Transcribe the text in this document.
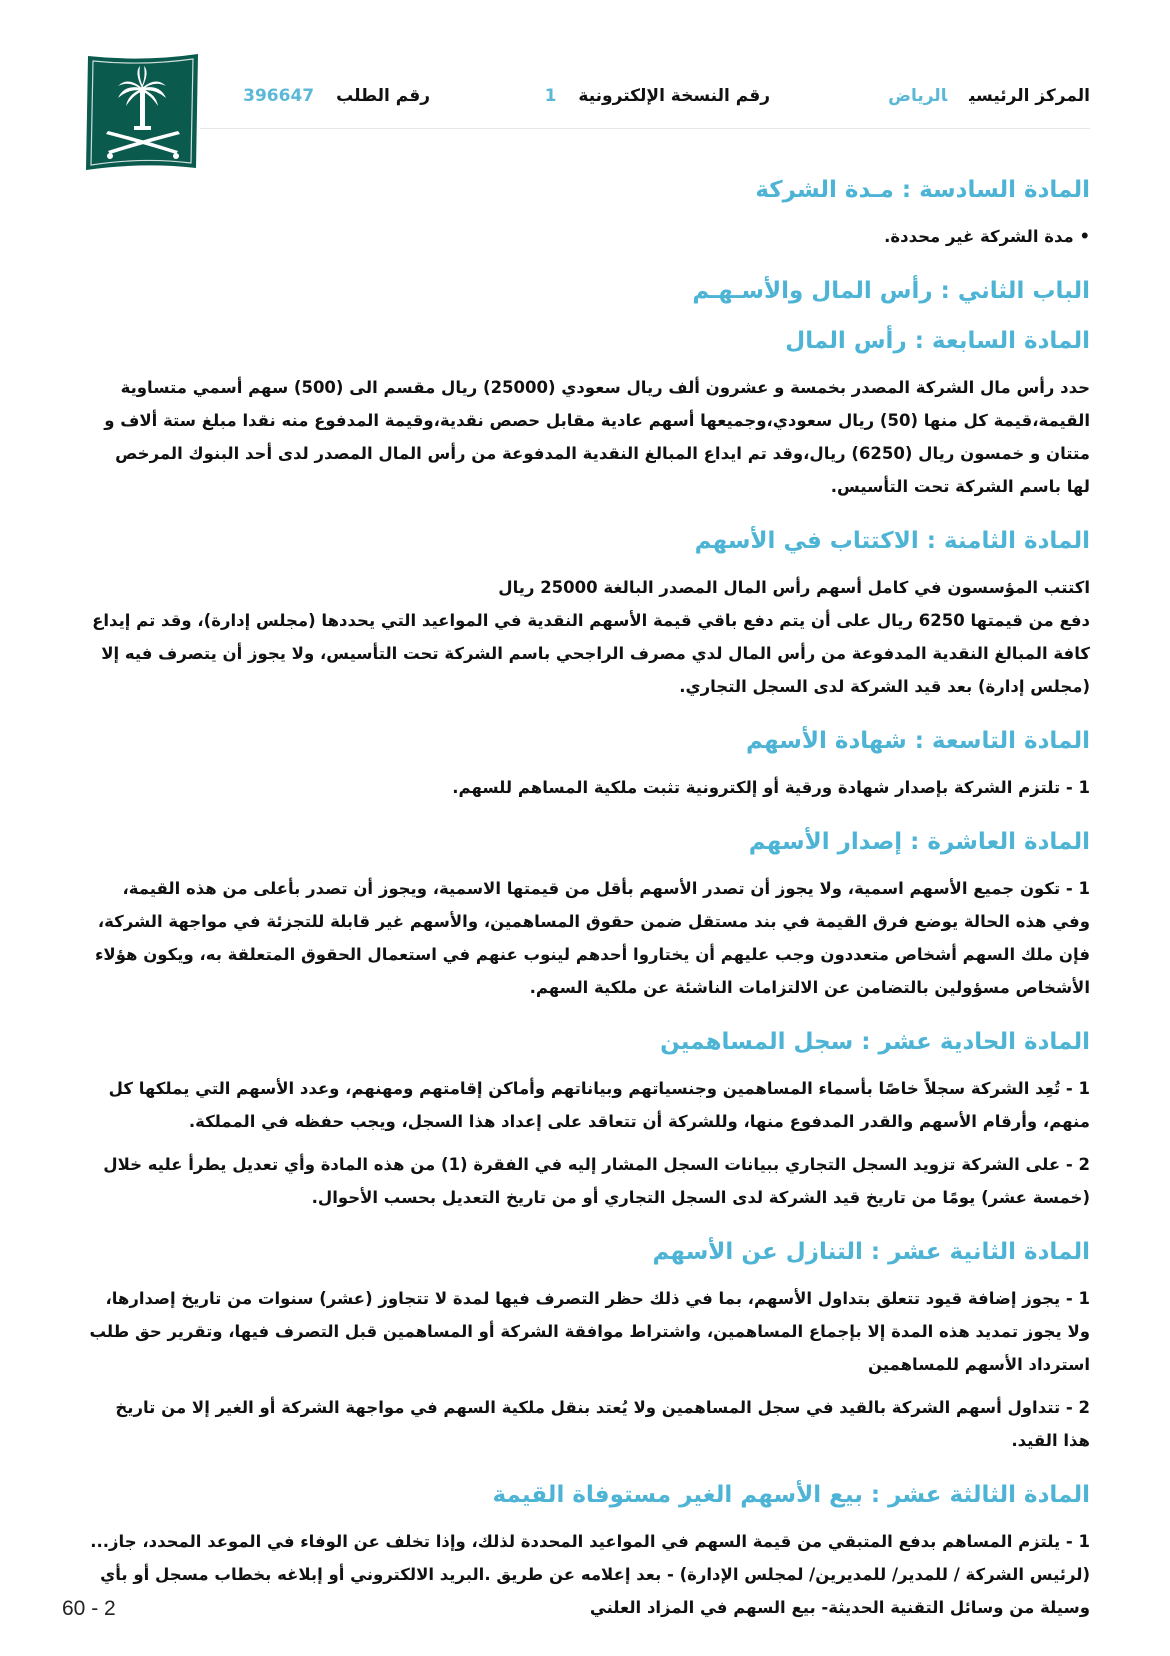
المركز الرئيسيالرياض
رقم النسخة الإلكترونية1
رقم الطلب396647
المادة السادسة : مـدة الشركة

• مدة الشركة غير محددة.

الباب الثاني : رأس المال والأسـهـم
المادة السابعة : رأس المال

حدد رأس مال الشركة المصدر بخمسة و عشرون ألف ريال سعودي (25000) ريال مقسم الى (500) سهم أسمي متساوية القيمة،قيمة كل منها (50) ريال سعودي،وجميعها أسهم عادية مقابل حصص نقدية،وقيمة المدفوع منه نقدا مبلغ ستة ألاف و متتان و خمسون ريال (6250) ريال،وقد تم ايداع المبالغ النقدية المدفوعة من رأس المال المصدر لدى أحد البنوك المرخص لها باسم الشركة تحت التأسيس.

المادة الثامنة : الاكتتاب في الأسهم

اكتتب المؤسسون في كامل أسهم رأس المال المصدر البالغة 25000 ريال

دفع من قيمتها 6250 ريال على أن يتم دفع باقي قيمة الأسهم النقدية في المواعيد التي يحددها (مجلس إدارة)، وقد تم إيداع كافة المبالغ النقدية المدفوعة من رأس المال لدي مصرف الراجحي باسم الشركة تحت التأسيس، ولا يجوز أن يتصرف فيه إلا (مجلس إدارة) بعد قيد الشركة لدى السجل التجاري.

المادة التاسعة : شهادة الأسهم

1 - تلتزم الشركة بإصدار شهادة ورقية أو إلكترونية تثبت ملكية المساهم للسهم.

المادة العاشرة : إصدار الأسهم

1 - تكون جميع الأسهم اسمية، ولا يجوز أن تصدر الأسهم بأقل من قيمتها الاسمية، ويجوز أن تصدر بأعلى من هذه القيمة، وفي هذه الحالة يوضع فرق القيمة في بند مستقل ضمن حقوق المساهمين، والأسهم غير قابلة للتجزئة في مواجهة الشركة، فإن ملك السهم أشخاص متعددون وجب عليهم أن يختاروا أحدهم لينوب عنهم في استعمال الحقوق المتعلقة به، ويكون هؤلاء الأشخاص مسؤولين بالتضامن عن الالتزامات الناشئة عن ملكية السهم.

المادة الحادية عشر : سجل المساهمين

1 - تُعِد الشركة سجلاً خاصًا بأسماء المساهمين وجنسياتهم وبياناتهم وأماكن إقامتهم ومهنهم، وعدد الأسهم التي يملكها كل منهم، وأرقام الأسهم والقدر المدفوع منها، وللشركة أن تتعاقد على إعداد هذا السجل، ويجب حفظه في المملكة.

2 - على الشركة تزويد السجل التجاري ببيانات السجل المشار إليه في الفقرة (1) من هذه المادة وأي تعديل يطرأ عليه خلال (خمسة عشر) يومًا من تاريخ قيد الشركة لدى السجل التجاري أو من تاريخ التعديل بحسب الأحوال.

المادة الثانية عشر : التنازل عن الأسهم

1 - يجوز إضافة قيود تتعلق بتداول الأسهم، بما في ذلك حظر التصرف فيها لمدة لا تتجاوز (عشر) سنوات من تاريخ إصدارها، ولا يجوز تمديد هذه المدة إلا بإجماع المساهمين، واشتراط موافقة الشركة أو المساهمين قبل التصرف فيها، وتقرير حق طلب استرداد الأسهم للمساهمين

2 - تتداول أسهم الشركة بالقيد في سجل المساهمين ولا يُعتد بنقل ملكية السهم في مواجهة الشركة أو الغير إلا من تاريخ هذا القيد.

المادة الثالثة عشر : بيع الأسهم الغير مستوفاة القيمة

1 - يلتزم المساهم بدفع المتبقي من قيمة السهم في المواعيد المحددة لذلك، وإذا تخلف عن الوفاء في الموعد المحدد، جاز... (لرئيس الشركة / للمدير/ للمديرين/ لمجلس الإدارة) - بعد إعلامه عن طريق .البريد الالكتروني أو إبلاغه بخطاب مسجل أو بأي وسيلة من وسائل التقنية الحديثة- بيع السهم في المزاد العلني

60 - 2
